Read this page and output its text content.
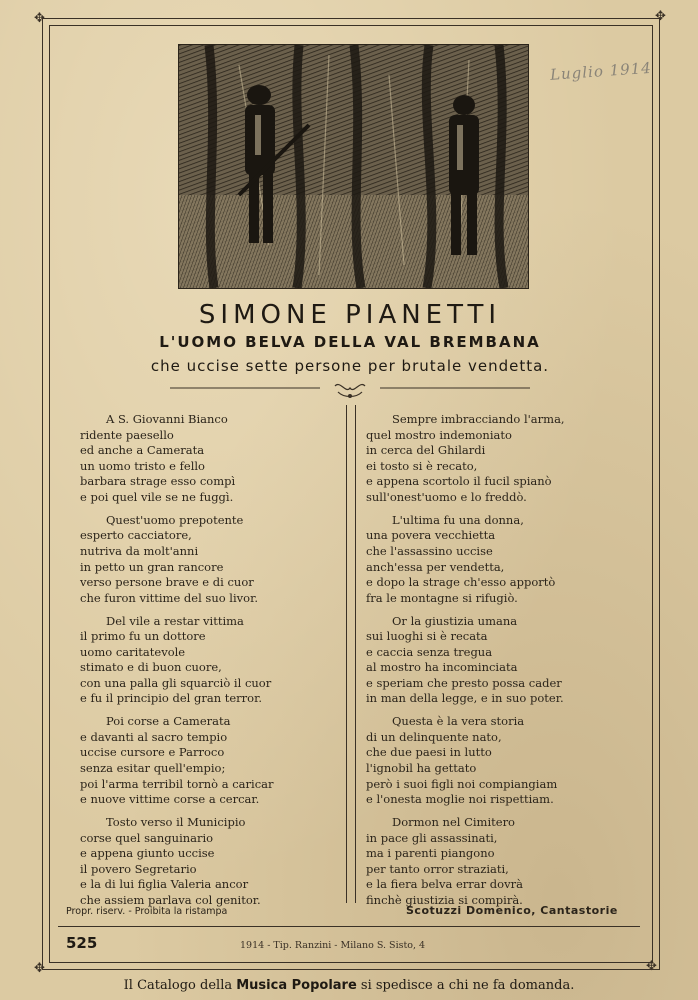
✥	✥
✥	✥
Luglio 1914
SIMONE PIANETTI
L'UOMO BELVA DELLA VAL BREMBANA
che uccise sette persone per brutale vendetta.
A S. Giovanni Bianco
ridente paesello
ed anche a Camerata
un uomo tristo e fello
barbara strage esso compì
e poi quel vile se ne fuggì.
Quest'uomo prepotente
esperto cacciatore,
nutriva da molt'anni
in petto un gran rancore
verso persone brave e di cuor
che furon vittime del suo livor.
Del vile a restar vittima
il primo fu un dottore
uomo caritatevole
stimato e di buon cuore,
con una palla gli squarciò il cuor
e fu il principio del gran terror.
Poi corse a Camerata
e davanti al sacro tempio
uccise cursore e Parroco
senza esitar quell'empio;
poi l'arma terribil tornò a caricar
e nuove vittime corse a cercar.
Tosto verso il Municipio
corse quel sanguinario
e appena giunto uccise
il povero Segretario
e la di lui figlia Valeria ancor
che assiem parlava col genitor.
Sempre imbracciando l'arma,
quel mostro indemoniato
in cerca del Ghilardi
ei tosto si è recato,
e appena scortolo il fucil spianò
sull'onest'uomo e lo freddò.
L'ultima fu una donna,
una povera vecchietta
che l'assassino uccise
anch'essa per vendetta,
e dopo la strage ch'esso apportò
fra le montagne si rifugiò.
Or la giustizia umana
sui luoghi si è recata
e caccia senza tregua
al mostro ha incominciata
e speriam che presto possa cader
in man della legge, e in suo poter.
Questa è la vera storia
di un delinquente nato,
che due paesi in lutto
l'ignobil ha gettato
però i suoi figli noi compiangiam
e l'onesta moglie noi rispettiam.
Dormon nel Cimitero
in pace gli assassinati,
ma i parenti piangono
per tanto orror straziati,
e la fiera belva errar dovrà
finchè giustizia si compirà.
Propr. riserv. - Proibita la ristampa	Scotuzzi Domenico, Cantastorie
525	1914 - Tip. Ranzini - Milano S. Sisto, 4
Il Catalogo della Musica Popolare si spedisce a chi ne fa domanda.
